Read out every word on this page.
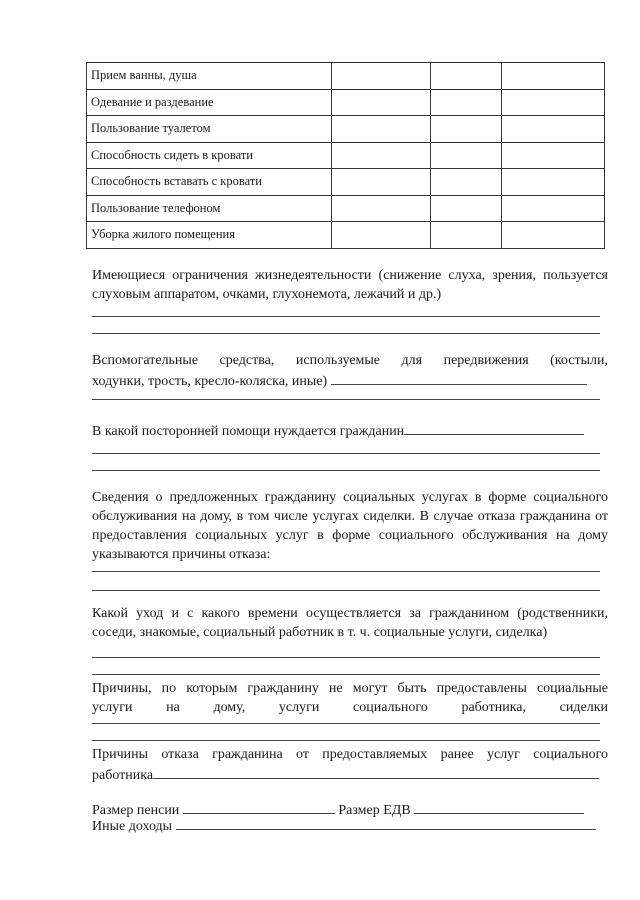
Прием ванны, душа			
Одевание и раздевание			
Пользование туалетом			
Способность сидеть в кровати			
Способность вставать с кровати			
Пользование телефоном			
Уборка жилого помещения			

Имеющиеся ограничения жизнедеятельности (снижение слуха, зрения, пользуется слуховым аппаратом, очками, глухонемота, лежачий и др.)

Вспомогательные средства, используемые для передвижения (костыли,

ходунки, трость, кресло-коляска, иные)

В какой посторонней помощи нуждается гражданин

Сведения о предложенных гражданину социальных услугах в форме социального обслуживания на дому, в том числе услугах сиделки. В случае отказа гражданина от предоставления социальных услуг в форме социального обслуживания на дому указываются причины отказа:

Какой уход и с какого времени осуществляется за гражданином (родственники, соседи, знакомые, социальный работник в т. ч. социальные услуги, сиделка)

Причины, по которым гражданину не могут быть предоставлены социальные

услуги на дому, услуги социального работника, сиделки

Причины отказа гражданина от предоставляемых ранее услуг социального

работника

Размер пенсии	Размер ЕДВ
Иные доходы
